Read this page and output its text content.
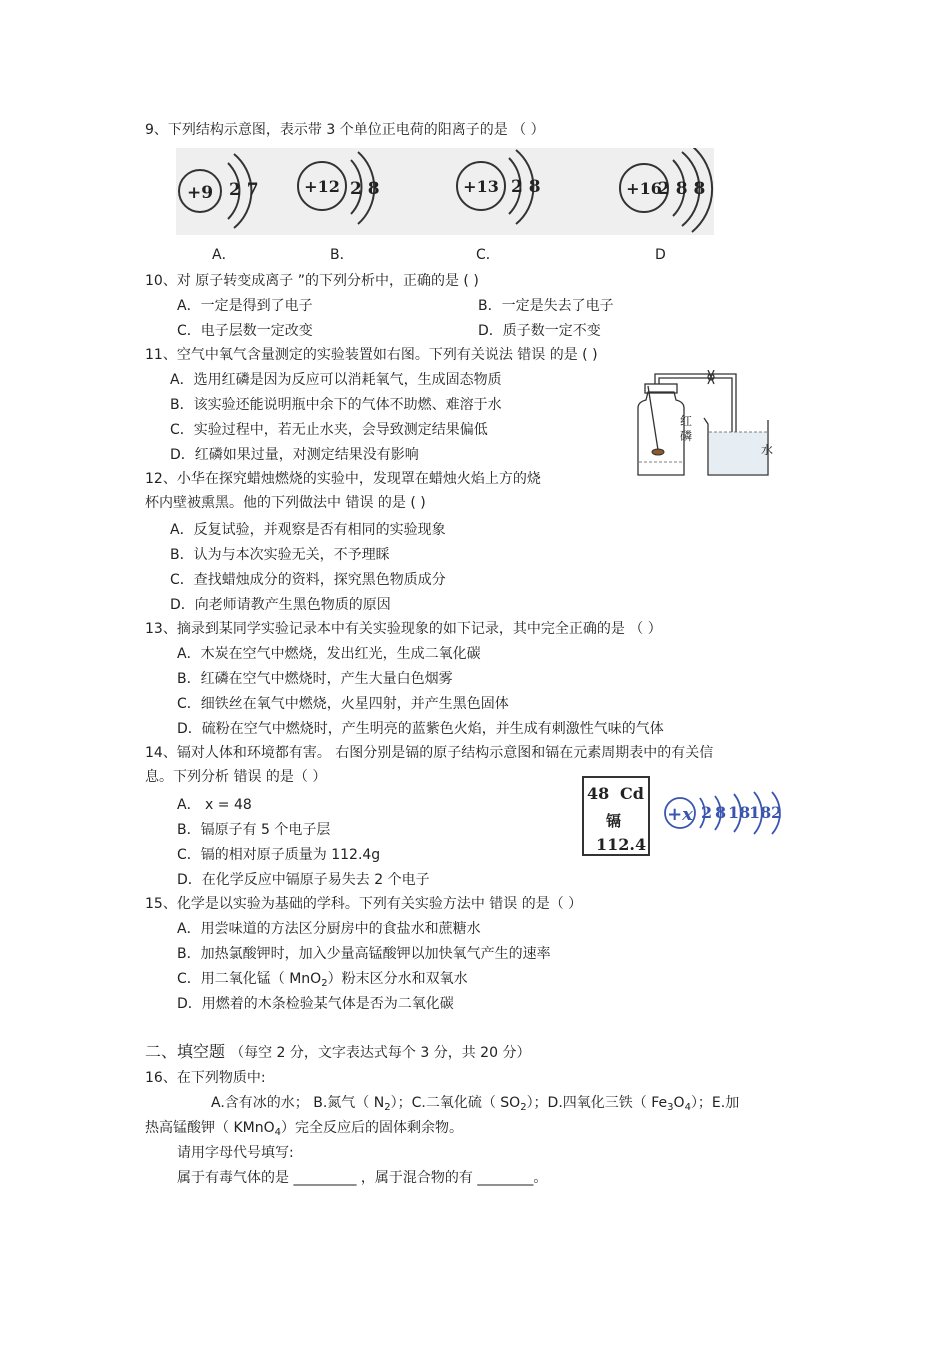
9、下列结构示意图，表示带 3 个单位正电荷的阳离子的是 （ ）
+9 2 7	+12 2 8	+13 2 8	+16
2 8 8
A．	B．	C．	D
10、对 原子转变成离子 ”的下列分析中，正确的是 ( )
A．一定是得到了电子	B．一定是失去了电子
C．电子层数一定改变	D．质子数一定不变
11、空气中氧气含量测定的实验装置如右图。下列有关说法 错误 的是 ( )
A．选用红磷是因为反应可以消耗氧气，生成固态物质
B．该实验还能说明瓶中余下的气体不助燃、难溶于水
C．实验过程中，若无止水夹，会导致测定结果偏低
D．红磷如果过量，对测定结果没有影响
红
磷
水
12、小华在探究蜡烛燃烧的实验中，发现罩在蜡烛火焰上方的烧
杯内壁被熏黑。他的下列做法中 错误 的是 ( )
A．反复试验，并观察是否有相同的实验现象
B．认为与本次实验无关，不予理睬
C．查找蜡烛成分的资料，探究黑色物质成分
D．向老师请教产生黑色物质的原因
13、摘录到某同学实验记录本中有关实验现象的如下记录，其中完全正确的是 （ ）
A．木炭在空气中燃烧，发出红光，生成二氧化碳
B．红磷在空气中燃烧时，产生大量白色烟雾
C．细铁丝在氧气中燃烧，火星四射，并产生黑色固体
D．硫粉在空气中燃烧时，产生明亮的蓝紫色火焰，并生成有刺激性气味的气体
14、镉对人体和环境都有害。 右图分别是镉的原子结构示意图和镉在元素周期表中的有关信
息。下列分析 错误 的是（ ）
A． x = 48
B．镉原子有 5 个电子层
C．镉的相对原子质量为 112.4g
D．在化学反应中镉原子易失去 2 个电子
48 Cd
镉
112.4
+x 2 8 18
18 2
15、化学是以实验为基础的学科。下列有关实验方法中 错误 的是（ ）
A．用尝味道的方法区分厨房中的食盐水和蔗糖水
B．加热氯酸钾时，加入少量高锰酸钾以加快氧气产生的速率
C．用二氧化锰（ MnO$_2$）粉末区分水和双氧水
D．用燃着的木条检验某气体是否为二氧化碳
二、填空题 （每空 2 分，文字表达式每个 3 分，共 20 分）
16、在下列物质中:
A.含有冰的水； B.氮气（ $N_2$）；C.二氧化硫（ $SO_2$）；D.四氧化三铁（ $Fe_3O_4$）；E.加
热高锰酸钾（ KMnO$_4$）完全反应后的固体剩余物。
请用字母代号填写:
属于有毒气体的是 _________ ，属于混合物的有 ________。
